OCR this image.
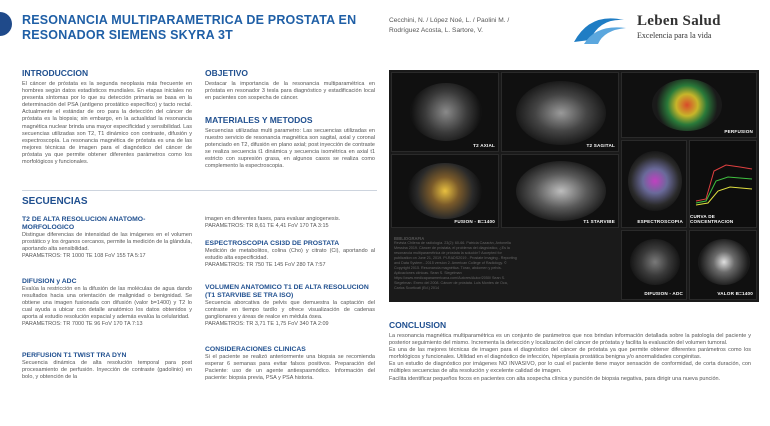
RESONANCIA MULTIPARAMETRICA DE PROSTATA EN RESONADOR SIEMENS SKYRA 3T
Cecchini, N. / López Noé, L. / Paolini M. / Rodríguez Acosta, L. Sartore, V.
Leben Salud
Excelencia para la vida
INTRODUCCION
El cáncer de próstata es la segunda neoplasia más frecuente en hombres según datos estadísticos mundiales. En etapas iniciales no presenta síntomas por lo que su detección primaria se basa en la determinación del PSA (antígeno prostático específico) y tacto rectal. Actualmente el estándar de oro para la detección del cáncer de próstata es la biopsia; sin embargo, en la actualidad la resonancia magnética nuclear brinda una mayor especificidad y sensibilidad. Las secuencias utilizadas son T2, T1 dinámico con contraste, difusión y espectroscopía. La resonancia magnética de próstata es una de las mejores técnicas de imagen para el diagnóstico del cáncer de próstata ya que permite obtener diferentes parámetros como los morfológicos y funcionales.
OBJETIVO
Destacar la importancia de la resonancia multiparamétrica en próstata en resonador 3 tesla para diagnóstico y estadificación local en pacientes con sospecha de cáncer.
MATERIALES Y METODOS
Secuencias utilizadas multi parametro: Las secuencias utilizadas en nuestro servicio de resonancia magnética son sagital, axial y coronal potenciado en T2, difusión en plano axial; post inyección de contraste se realiza secuencia t1 dinámica y secuencia isométrica en axial t1 estricto con supresión grasa, en algunos casos se realiza como complemento la espectroscopia.
SECUENCIAS
T2 DE ALTA RESOLUCION ANATOMO-MORFOLOGICO
Distingue diferencias de intensidad de las imágenes en el volumen prostático y los órganos cercanos, permite la medición de la glándula, aportando alta sensibilidad.
PARAMETROS: TR 1000 TE 108 FoV 155 TA 5:17
DIFUSION y ADC
Evalúa la restricción en la difusión de las moléculas de agua dando resultados hacia una orientación de malignidad o benignidad. Se obtiene una imagen fusionada con difusión (valor b=1400) y T2 lo cual ayuda a ubicar con detalle anatómico los datos obtenidos y aporta al estudio resolución espacial y además evalúa la celularidad.
PARAMETROS: TR 7000 TE 96 FoV 170 TA 7:13
PERFUSION T1 TWIST TRA DYN
Secuencia dinámica de alta resolución temporal para post procesamiento de perfusión. Inyección de contraste (gadolinio) en bolo, y obtención de la
imagen en diferentes fases, para evaluar angiogenesis.
PARAMETROS: TR 8,61 TE 4,41 FoV 170 TA 3:15
ESPECTROSCOPIA CSI3D DE PROSTATA
Medición de metabolitos, colina (Cho) y citrato (Ci), aportando al estudio alta especificidad.
PARAMETROS: TR 750 TE 145 FoV 280 TA 7:57
VOLUMEN ANATOMICO T1 DE ALTA RESOLUCION (T1 STARVIBE SE TRA ISO)
Secuencia aborcativa de pelvis que demuestra la captación del contraste en tiempo tardío y ofrece visualización de cadenas ganglionares y áreas de realce en médula ósea.
PARAMETROS: TR 3,71 TE 1,75 FoV 340 TA 2:09
CONSIDERACIONES CLINICAS
Si el paciente se realizó anteriormente una biopsia se recomienda esperar 6 semanas para evitar falsos positivos. Preparación del Paciente: uso de un agente antiespasmódico. Información del paciente: biopsia previa, PSA y PSA historia.
T2 AXIAL	T2 SAGITAL
PERFUSION
FUSION - B=1400	T1 STARVIBE	ESPECTROSCOPIA
CURVA DE CONCENTRACION
DIFUSION - ADC	VALOR B=1400
BIBLIOGRAFIA
Revista Chilena de radiología. 23(2): 60-66. Patricia Cazarán, Antonella Messina 2019. Cáncer de próstata, el problema del diagnóstico, ¿Es la resonancia multiparamétrica de próstata la solución? Accepted for publication on June 21, 2019. PI-RADS2019 - Prostate Imaging - Reporting and Data System - 2015 version 2. American College of Radiology. © Copyright 2015. Resonancia magnética. Tórax, abdomen y pelvis. Aplicaciones clínicas. Sean S. Siegelman https://www.medicapanamericana.com/Autores/Autor/2050/ Sean S. Siegelman. Enero del 2008. Cáncer de próstata. Luis Montes de Oca, Carlos Scorticati (Ed.) 2014
CONCLUSION
La resonancia magnética multiparamétrica es un conjunto de parámetros que nos brindan información detallada sobre la patología del paciente y posterior seguimiento del mismo. Incrementa la detección y localización del cáncer de próstata y facilita la evaluación del volumen tumoral.
Es una de las mejores técnicas de imagen para el diagnóstico del cáncer de próstata ya que permite obtener diferentes parámetros como los morfológicos y funcionales. Utilidad en el diagnóstico de infección, hiperplasia prostática benigna y/o anormalidades congénitas.
Es un estudio de diagnóstico por imágenes NO INVASIVO, por lo cual el paciente tiene mayor sensación de conformidad, de corta duración, con múltiples secuencias de alta resolución y excelente calidad de imagen.
Facilita identificar pequeños focos en pacientes con alta sospecha clínica y punción de biopsia negativa, para dirigir una nueva punción.
